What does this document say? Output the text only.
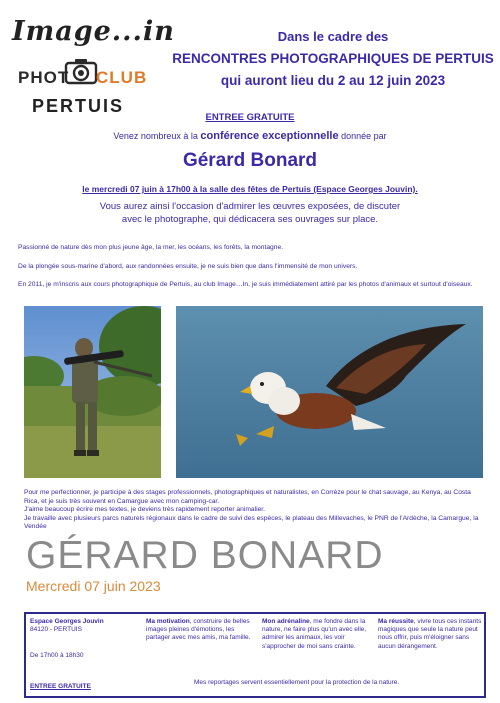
Image...in
PHOT CLUB
PERTUIS
Dans le cadre des
RENCONTRES PHOTOGRAPHIQUES DE PERTUIS
qui auront lieu du 2 au 12 juin 2023
ENTREE GRATUITE
Venez nombreux à la conférence exceptionnelle donnée par
Gérard Bonard
le mercredi 07 juin à 17h00 à la salle des fêtes de Pertuis (Espace Georges Jouvin).
Vous aurez ainsi l'occasion d'admirer les œuvres exposées, de discuter avec le photographe, qui dédicacera ses ouvrages sur place.
Passionné de nature dès mon plus jeune âge, la mer, les océans, les forêts, la montagne.
De la plongée sous-marine d'abord, aux randonnées ensuite, je ne suis bien que dans l'immensité de mon univers.
En 2011, je m'inscris aux cours photographique de Pertuis, au club Image…In, je suis immédiatement attiré par les photos d'animaux et surtout d'oiseaux.
Pour me perfectionner, je participe à des stages professionnels, photographiques et naturalistes, en Corrèze pour le chat sauvage, au Kenya, au Costa Rica, et je suis très souvent en Camargue avec mon camping-car.
J'aime beaucoup écrire mes textes, je deviens très rapidement reporter animalier.
Je travaille avec plusieurs parcs naturels régionaux dans le cadre de suivi des espèces, le plateau des Millevaches, le PNR de l'Ardèche, la Camargue, la Vendée
GÉRARD BONARD
Mercredi 07 juin 2023
Espace Georges Jouvin
84120 - PERTUIS
De 17h00 à 18h30
Ma motivation, construire de belles images pleines d'émotions, les partager avec mes amis, ma famille.
Mon adrénaline, me fondre dans la nature, ne faire plus qu'un avec elle, admirer les animaux, les voir s'approcher de moi sans crainte.
Ma réussite, vivre tous ces instants magiques que seule la nature peut nous offrir, puis m'éloigner sans aucun dérangement.
ENTREE GRATUITE
Mes reportages servent essentiellement pour la protection de la nature.
